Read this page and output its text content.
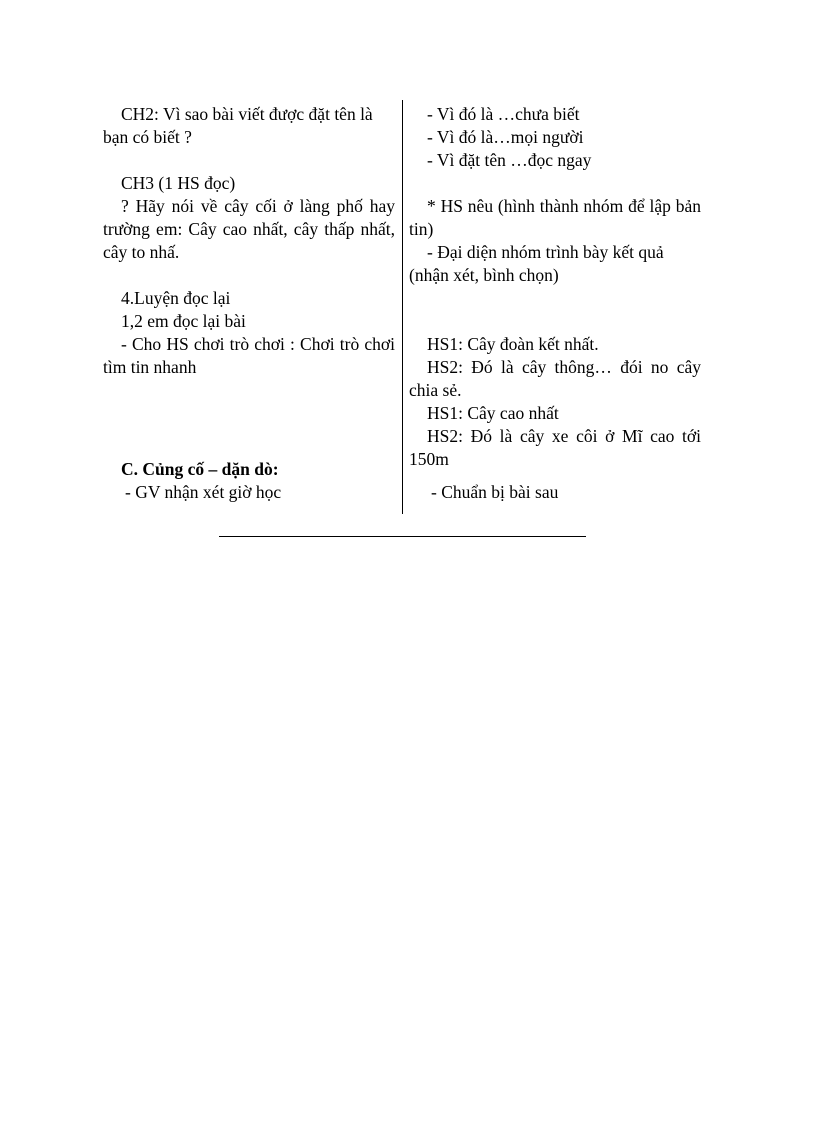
CH2: Vì sao bài viết được đặt tên là

bạn có biết ?

CH3 (1 HS đọc)

? Hãy nói về cây cối ở làng phố hay trường em: Cây cao nhất, cây thấp nhất, cây to nhấ.

4.Luyện đọc lại

1,2 em đọc lại bài

- Cho HS chơi trò chơi : Chơi trò chơi tìm tin nhanh

C. Củng cố – dặn dò:

- GV nhận xét giờ học

- Vì đó là …chưa biết

- Vì đó là…mọi người

- Vì đặt tên …đọc ngay

* HS nêu (hình thành nhóm để lập bản tin)

- Đại diện nhóm trình bày kết quả (nhận xét, bình chọn)

HS1: Cây đoàn kết nhất.

HS2: Đó là cây thông… đói no cây chia sẻ.

HS1: Cây cao nhất

HS2: Đó là cây xe côi ở Mĩ cao tới 150m

- Chuẩn bị bài sau
